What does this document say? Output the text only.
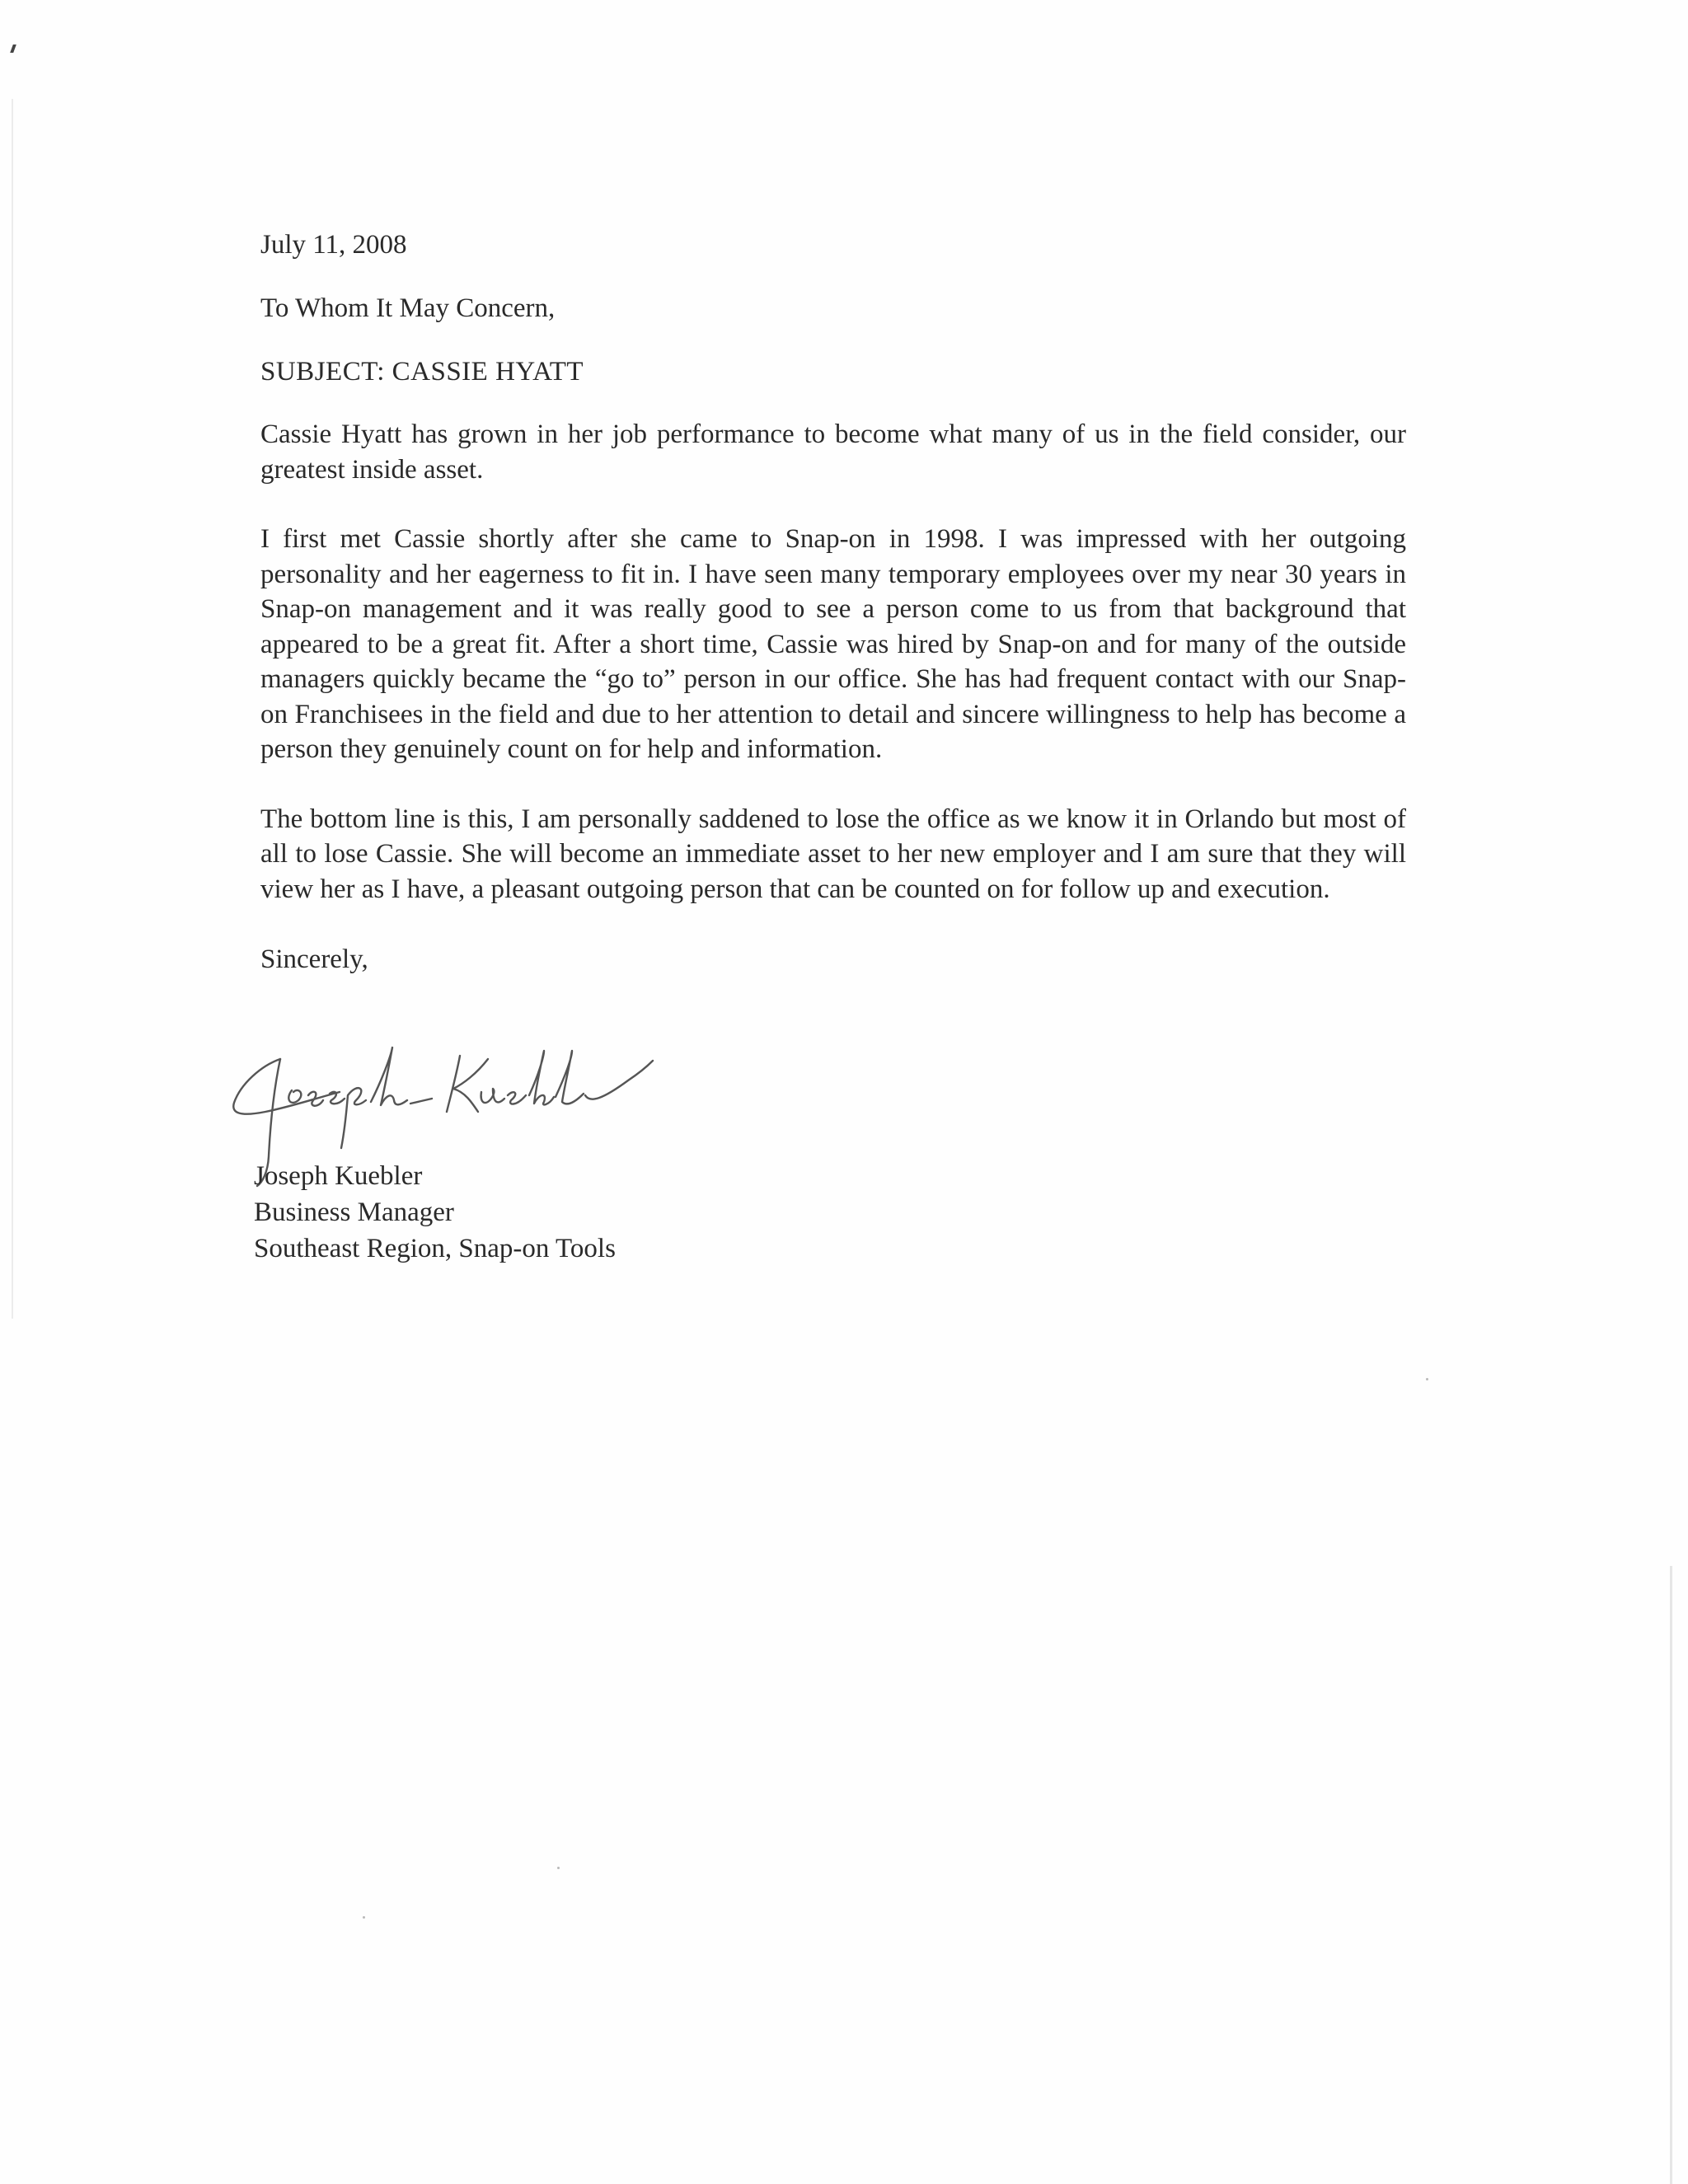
July 11, 2008
To Whom It May Concern,
SUBJECT: CASSIE HYATT

Cassie Hyatt has grown in her job performance to become what many of us in the field consider, our greatest inside asset.

I first met Cassie shortly after she came to Snap-on in 1998. I was impressed with her outgoing personality and her eagerness to fit in. I have seen many temporary employees over my near 30 years in Snap-on management and it was really good to see a person come to us from that background that appeared to be a great fit. After a short time, Cassie was hired by Snap-on and for many of the outside managers quickly became the “go to” person in our office. She has had frequent contact with our Snap-on Franchisees in the field and due to her attention to detail and sincere willingness to help has become a person they genuinely count on for help and information.

The bottom line is this, I am personally saddened to lose the office as we know it in Orlando but most of all to lose Cassie. She will become an immediate asset to her new employer and I am sure that they will view her as I have, a pleasant outgoing person that can be counted on for follow up and execution.

Sincerely,
Joseph Kuebler
Business Manager
Southeast Region, Snap-on Tools
